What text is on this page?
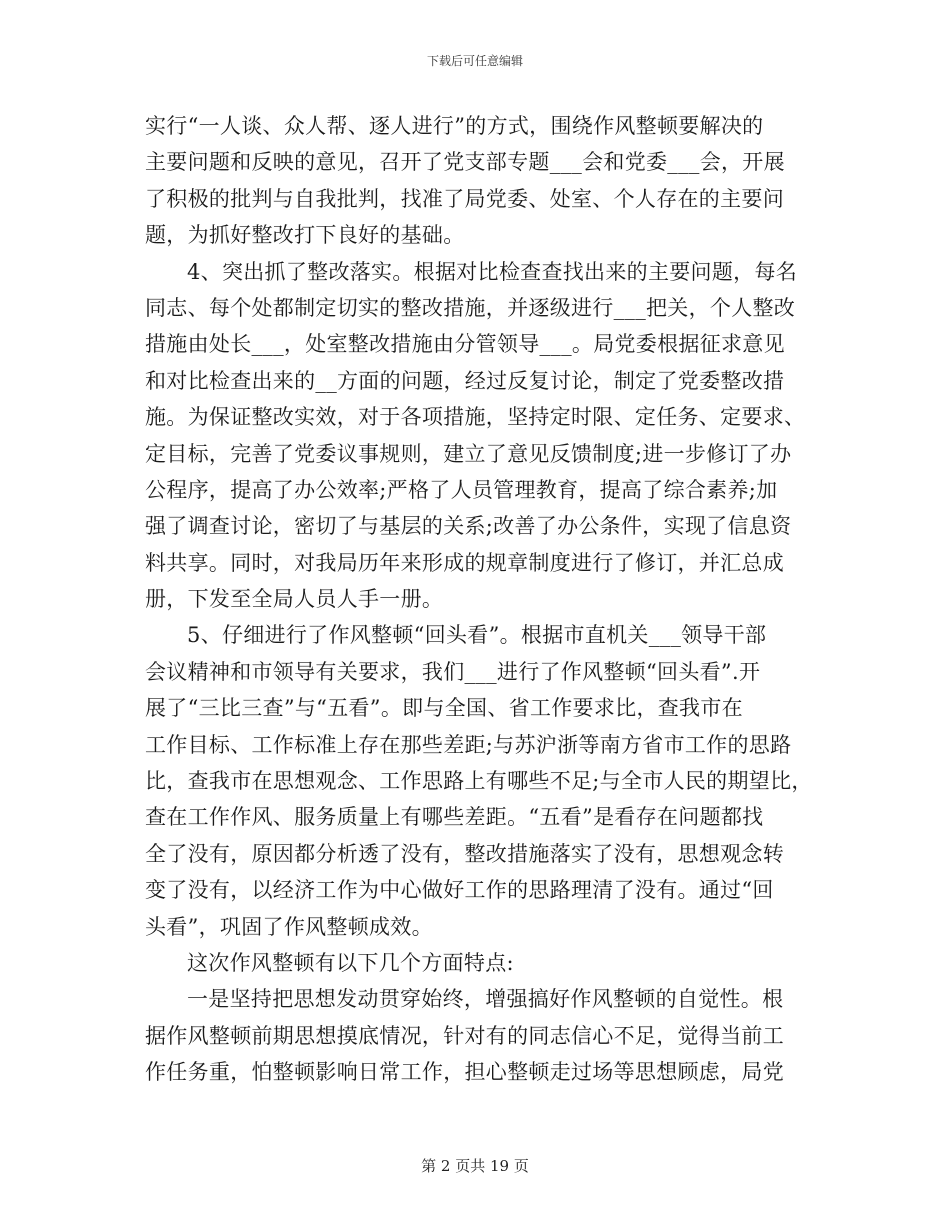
下载后可任意编辑
实行“一人谈、众人帮、逐人进行”的方式，围绕作风整顿要解决的
主要问题和反映的意见，召开了党支部专题___会和党委___会，开展
了积极的批判与自我批判，找准了局党委、处室、个人存在的主要问
题，为抓好整改打下良好的基础。
4、突出抓了整改落实。根据对比检查查找出来的主要问题，每名
同志、每个处都制定切实的整改措施，并逐级进行___把关，个人整改
措施由处长___，处室整改措施由分管领导___。局党委根据征求意见
和对比检查出来的__方面的问题，经过反复讨论，制定了党委整改措
施。为保证整改实效，对于各项措施，坚持定时限、定任务、定要求、
定目标，完善了党委议事规则，建立了意见反馈制度;进一步修订了办
公程序，提高了办公效率;严格了人员管理教育，提高了综合素养;加
强了调查讨论，密切了与基层的关系;改善了办公条件，实现了信息资
料共享。同时，对我局历年来形成的规章制度进行了修订，并汇总成
册，下发至全局人员人手一册。
5、仔细进行了作风整顿“回头看”。根据市直机关___领导干部
会议精神和市领导有关要求，我们___进行了作风整顿“回头看”.开
展了“三比三查”与“五看”。即与全国、省工作要求比，查我市在
工作目标、工作标准上存在那些差距;与苏沪浙等南方省市工作的思路
比，查我市在思想观念、工作思路上有哪些不足;与全市人民的期望比，
查在工作作风、服务质量上有哪些差距。“五看”是看存在问题都找
全了没有，原因都分析透了没有，整改措施落实了没有，思想观念转
变了没有，以经济工作为中心做好工作的思路理清了没有。通过“回
头看”，巩固了作风整顿成效。
这次作风整顿有以下几个方面特点:
一是坚持把思想发动贯穿始终，增强搞好作风整顿的自觉性。根
据作风整顿前期思想摸底情况，针对有的同志信心不足，觉得当前工
作任务重，怕整顿影响日常工作，担心整顿走过场等思想顾虑，局党
第 2 页共 19 页
